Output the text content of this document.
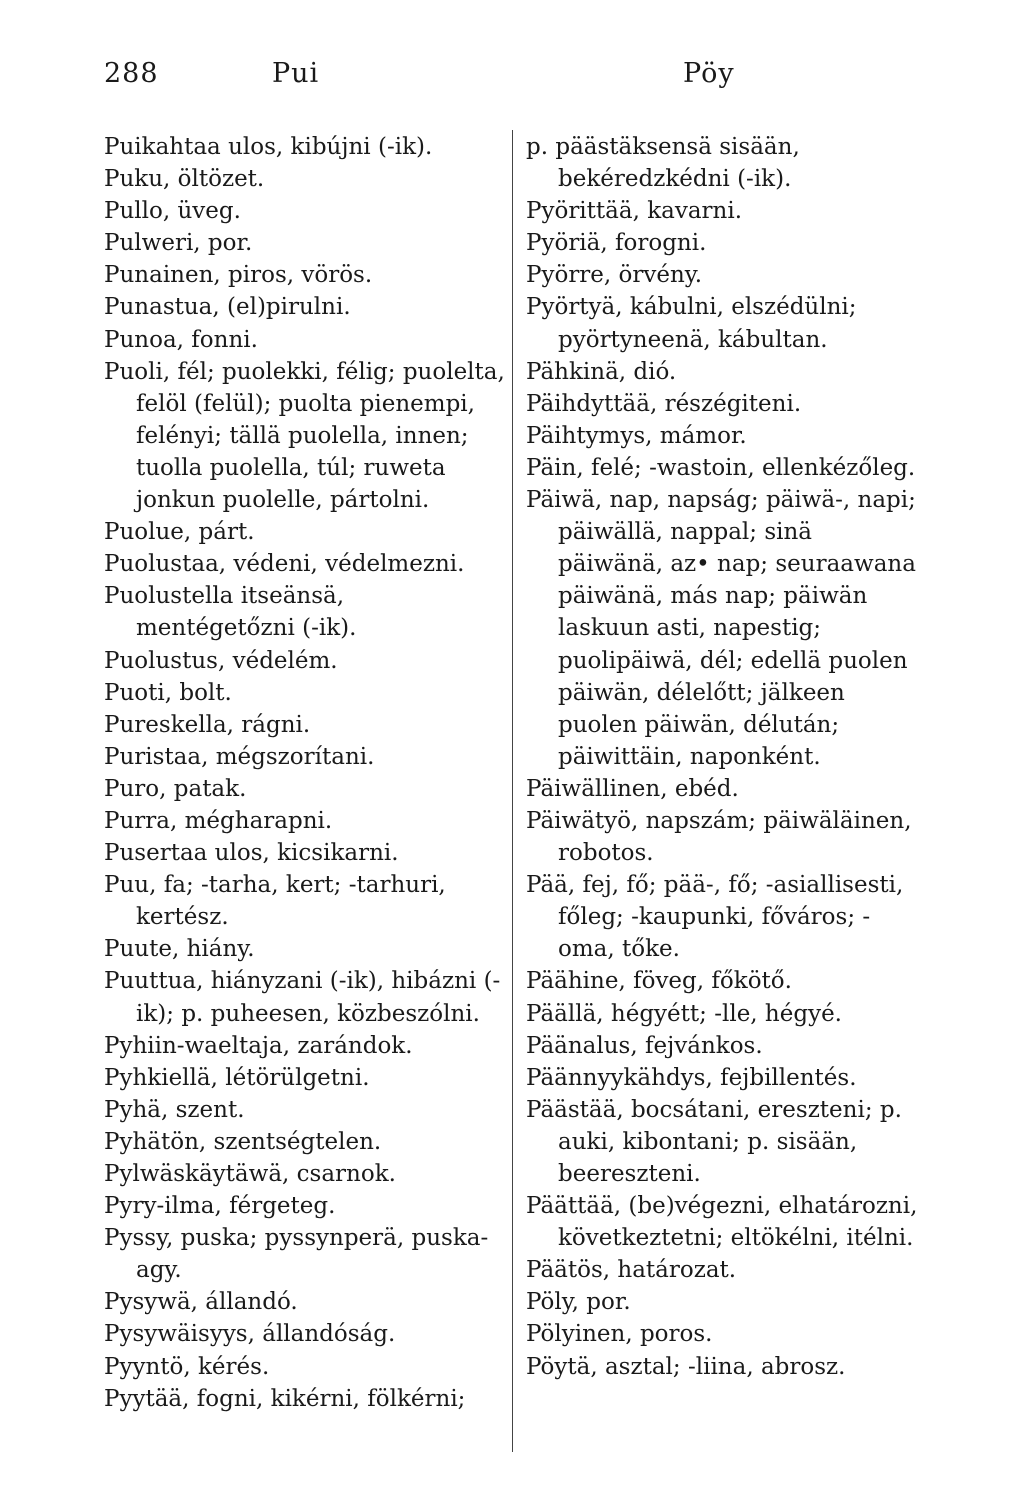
288	Pui	Pöy

Puikahtaa ulos, kibújni (-ik).

Puku, öltözet.

Pullo, üveg.

Pulweri, por.

Punainen, piros, vörös.

Punastua, (el)pirulni.

Punoa, fonni.

Puoli, fél; puolekki, félig; puolelta, felöl (felül); puolta pienempi, felényi; tällä puolella, innen; tuolla puolella, túl; ruweta jonkun puolelle, pártolni.

Puolue, párt.

Puolustaa, védeni, védelmezni.

Puolustella itseänsä, mentégetőzni (-ik).

Puolustus, védelém.

Puoti, bolt.

Pureskella, rágni.

Puristaa, mégszorítani.

Puro, patak.

Purra, mégharapni.

Pusertaa ulos, kicsikarni.

Puu, fa; -tarha, kert; -tarhuri, kertész.

Puute, hiány.

Puuttua, hiányzani (-ik), hibázni (-ik); p. puheesen, közbeszólni.

Pyhiin-waeltaja, zarándok.

Pyhkiellä, létörülgetni.

Pyhä, szent.

Pyhätön, szentségtelen.

Pylwäskäytäwä, csarnok.

Pyry-ilma, férgeteg.

Pyssy, puska; pyssynperä, puska-agy.

Pysywä, állandó.

Pysywäisyys, állandóság.

Pyyntö, kérés.

Pyytää, fogni, kikérni, fölkérni;

p. päästäksensä sisään, bekéredzkédni (-ik).

Pyörittää, kavarni.

Pyöriä, forogni.

Pyörre, örvény.

Pyörtyä, kábulni, elszédülni; pyörtyneenä, kábultan.

Pähkinä, dió.

Päihdyttää, részégiteni.

Päihtymys, mámor.

Päin, felé; -wastoin, ellenkézőleg.

Päiwä, nap, napság; päiwä-, napi; päiwällä, nappal; sinä päiwänä, az• nap; seuraawana päiwänä, más nap; päiwän laskuun asti, napestig; puolipäiwä, dél; edellä puolen päiwän, délelőtt; jälkeen puolen päiwän, délután; päiwittäin, naponként.

Päiwällinen, ebéd.

Päiwätyö, napszám; päiwäläinen, robotos.

Pää, fej, fő; pää-, fő; -asiallisesti, főleg; -kaupunki, főváros; -oma, tőke.

Päähine, föveg, főkötő.

Päällä, hégyétt; -lle, hégyé.

Päänalus, fejvánkos.

Päännyykähdys, fejbillentés.

Päästää, bocsátani, ereszteni; p. auki, kibontani; p. sisään, beereszteni.

Päättää, (be)végezni, elhatározni, következtetni; eltökélni, itélni.

Päätös, határozat.

Pöly, por.

Pölyinen, poros.

Pöytä, asztal; -liina, abrosz.
